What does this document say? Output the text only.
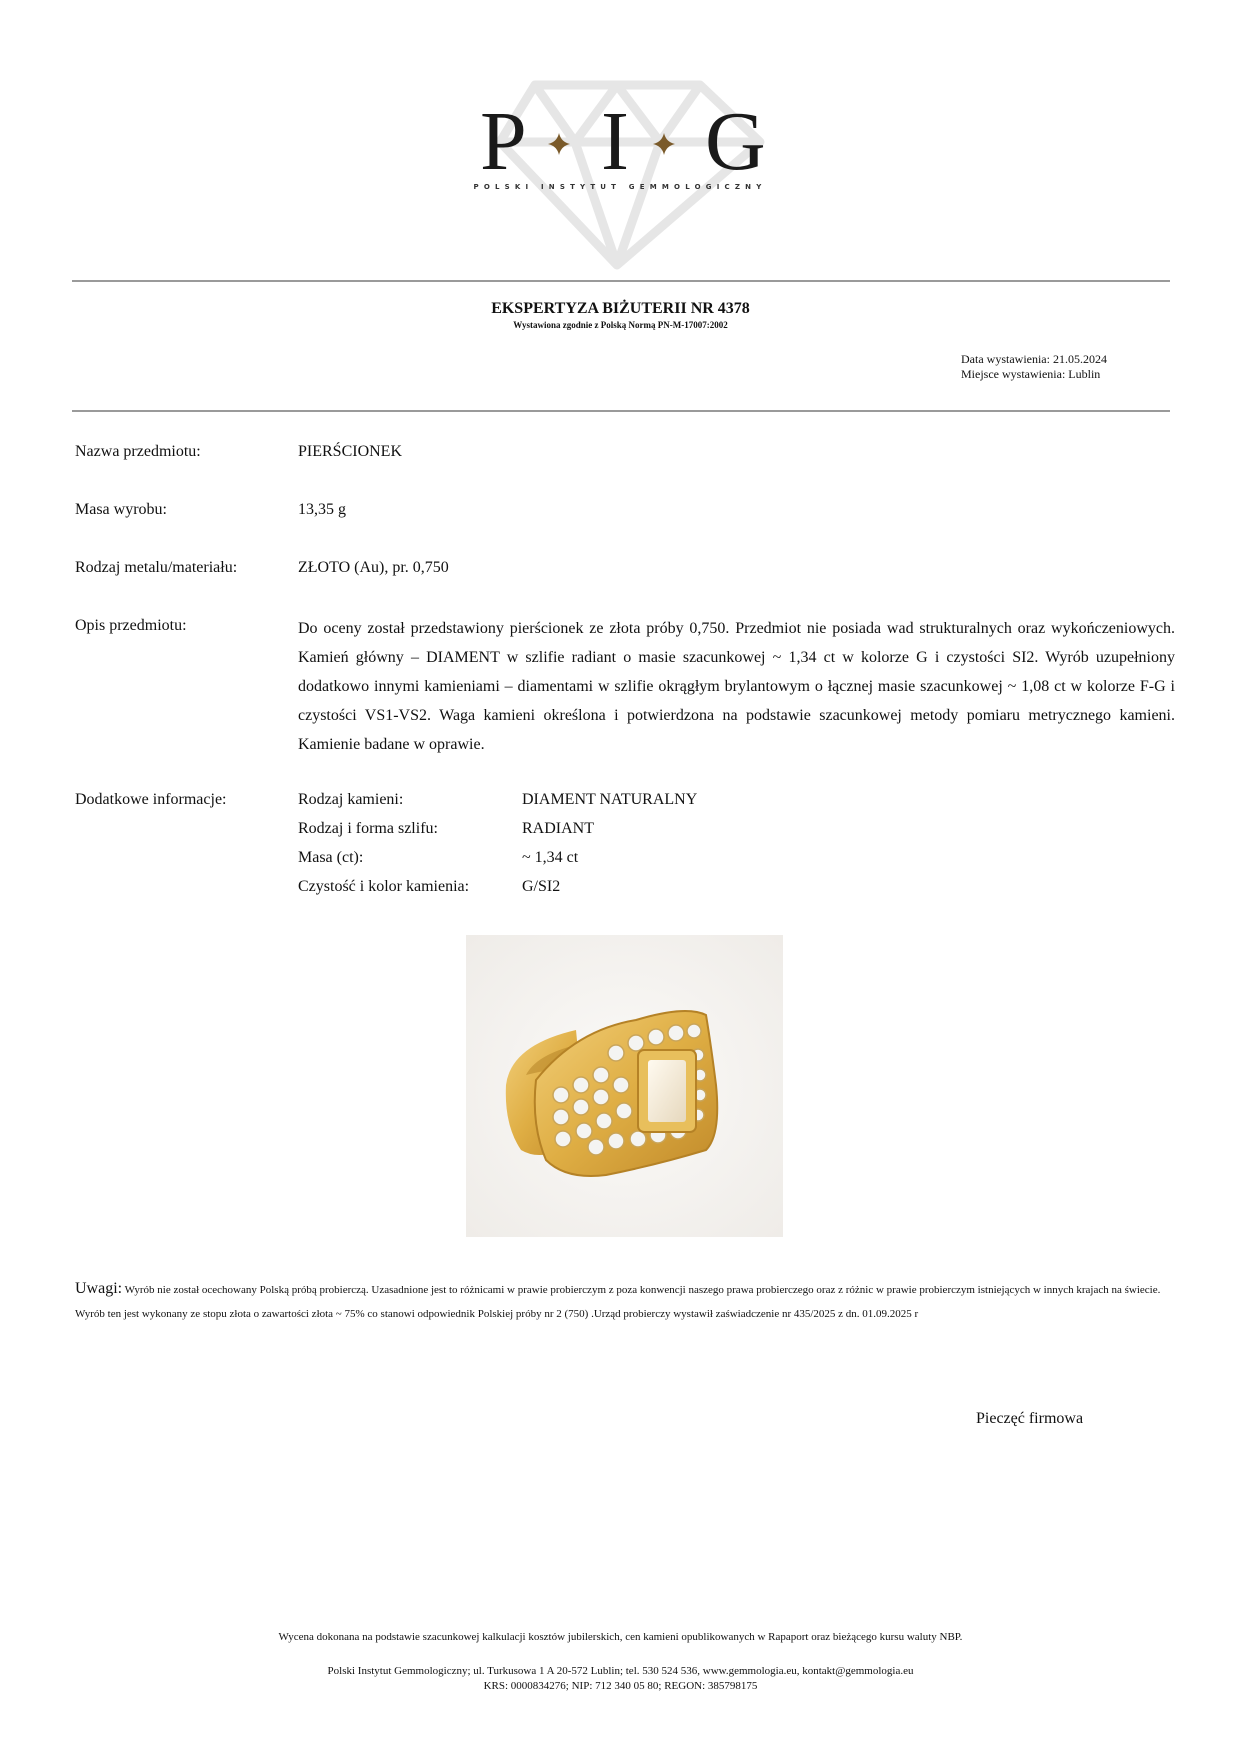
P I G
POLSKI INSTYTUT GEMMOLOGICZNY
EKSPERTYZA BIŻUTERII NR 4378
Wystawiona zgodnie z Polską Normą PN-M-17007:2002
Data wystawienia: 21.05.2024
Miejsce wystawienia: Lublin
Nazwa przedmiotu:	PIERŚCIONEK
Masa wyrobu:	13,35 g
Rodzaj metalu/materiału:	ZŁOTO (Au), pr. 0,750
Opis przedmiotu:	Do oceny został przedstawiony pierścionek ze złota próby 0,750. Przedmiot nie posiada wad strukturalnych oraz wykończeniowych. Kamień główny – DIAMENT w szlifie radiant o masie szacunkowej ~ 1,34 ct w kolorze G i czystości SI2. Wyrób uzupełniony dodatkowo innymi kamieniami – diamentami w szlifie okrągłym brylantowym o łącznej masie szacunkowej ~ 1,08 ct w kolorze F-G i czystości VS1-VS2. Waga kamieni określona i potwierdzona na podstawie szacunkowej metody pomiaru metrycznego kamieni. Kamienie badane w oprawie.
Dodatkowe informacje:	Rodzaj kamieni:	DIAMENT NATURALNY
Rodzaj i forma szlifu:	RADIANT
Masa (ct):	~ 1,34 ct
Czystość i kolor kamienia:	G/SI2
Uwagi: Wyrób nie został ocechowany Polską próbą probierczą. Uzasadnione jest to różnicami w prawie probierczym z poza konwencji naszego prawa probierczego oraz z różnic w prawie probierczym istniejących w innych krajach na świecie. Wyrób ten jest wykonany ze stopu złota o zawartości złota ~ 75% co stanowi odpowiednik Polskiej próby nr 2 (750) .Urząd probierczy wystawił zaświadczenie nr 435/2025 z dn. 01.09.2025 r
Pieczęć firmowa
Wycena dokonana na podstawie szacunkowej kalkulacji kosztów jubilerskich, cen kamieni opublikowanych w Rapaport oraz bieżącego kursu waluty NBP.
Polski Instytut Gemmologiczny; ul. Turkusowa 1 A 20-572 Lublin; tel. 530 524 536, www.gemmologia.eu, kontakt@gemmologia.eu
KRS: 0000834276; NIP: 712 340 05 80; REGON: 385798175
